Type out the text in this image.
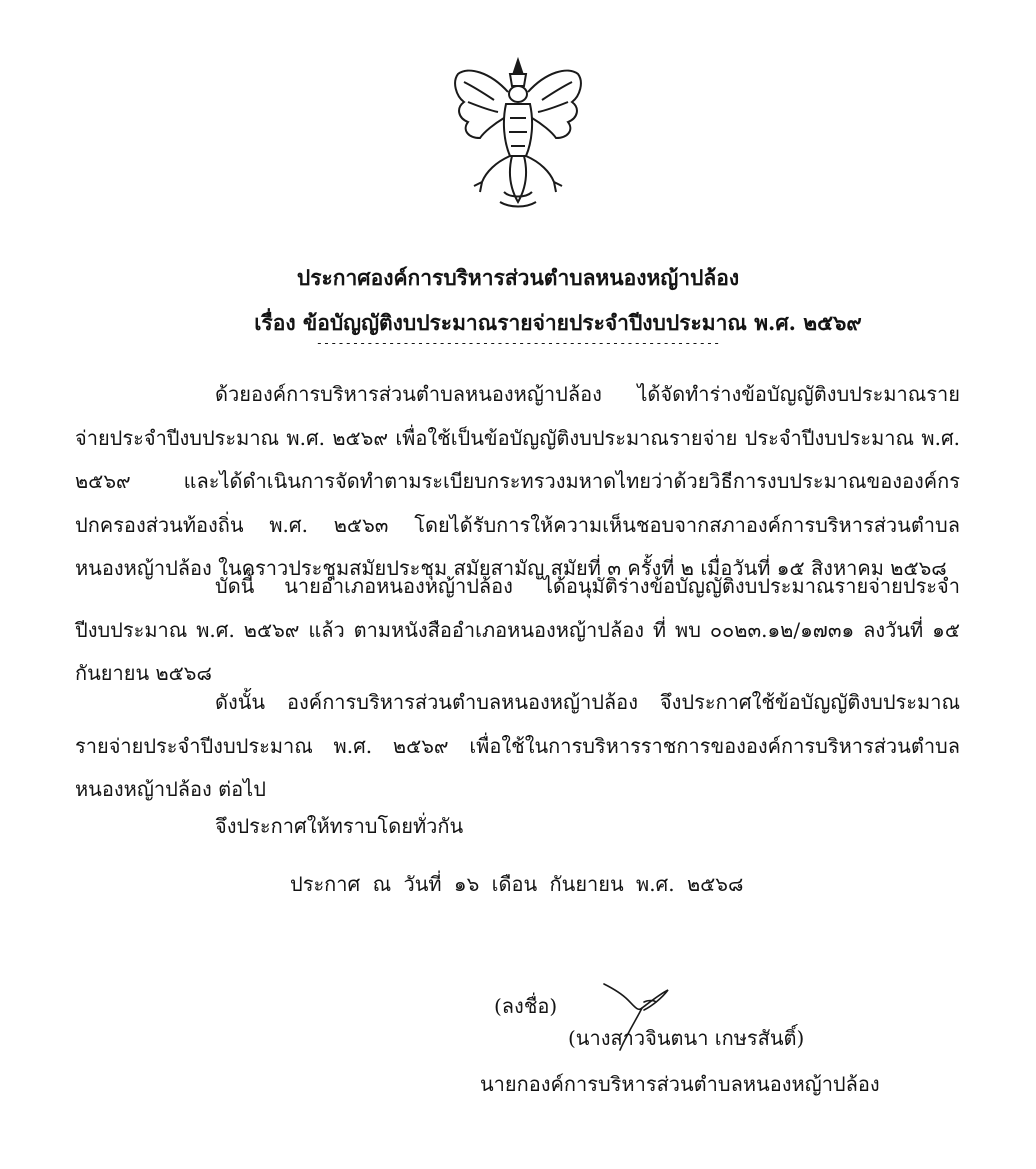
ประกาศองค์การบริหารส่วนตำบลหนองหญ้าปล้อง
เรื่อง ข้อบัญญัติงบประมาณรายจ่ายประจำปีงบประมาณ พ.ศ. ๒๕๖๙
--------------------------------------------------------
ด้วยองค์การบริหารส่วนตำบลหนองหญ้าปล้อง ได้จัดทำร่างข้อบัญญัติงบประมาณรายจ่ายประจำปีงบประมาณ พ.ศ. ๒๕๖๙ เพื่อใช้เป็นข้อบัญญัติงบประมาณรายจ่าย ประจำปีงบประมาณ พ.ศ. ๒๕๖๙ และได้ดำเนินการจัดทำตามระเบียบกระทรวงมหาดไทยว่าด้วยวิธีการงบประมาณขององค์กรปกครองส่วนท้องถิ่น พ.ศ. ๒๕๖๓ โดยได้รับการให้ความเห็นชอบจากสภาองค์การบริหารส่วนตำบลหนองหญ้าปล้อง ในคราวประชุมสมัยประชุม สมัยสามัญ สมัยที่ ๓ ครั้งที่ ๒ เมื่อวันที่ ๑๕ สิงหาคม ๒๕๖๘
บัดนี้ นายอำเภอหนองหญ้าปล้อง ได้อนุมัติร่างข้อบัญญัติงบประมาณรายจ่ายประจำปีงบประมาณ พ.ศ. ๒๕๖๙ แล้ว ตามหนังสืออำเภอหนองหญ้าปล้อง ที่ พบ ๐๐๒๓.๑๒/๑๗๓๑ ลงวันที่ ๑๕ กันยายน ๒๕๖๘
ดังนั้น องค์การบริหารส่วนตำบลหนองหญ้าปล้อง จึงประกาศใช้ข้อบัญญัติงบประมาณรายจ่ายประจำปีงบประมาณ พ.ศ. ๒๕๖๙ เพื่อใช้ในการบริหารราชการขององค์การบริหารส่วนตำบลหนองหญ้าปล้อง ต่อไป
จึงประกาศให้ทราบโดยทั่วกัน
ประกาศ ณ วันที่ ๑๖ เดือน กันยายน พ.ศ. ๒๕๖๘
(ลงชื่อ)
(นางสาวจินตนา เกษรสันติ์)
นายกองค์การบริหารส่วนตำบลหนองหญ้าปล้อง
